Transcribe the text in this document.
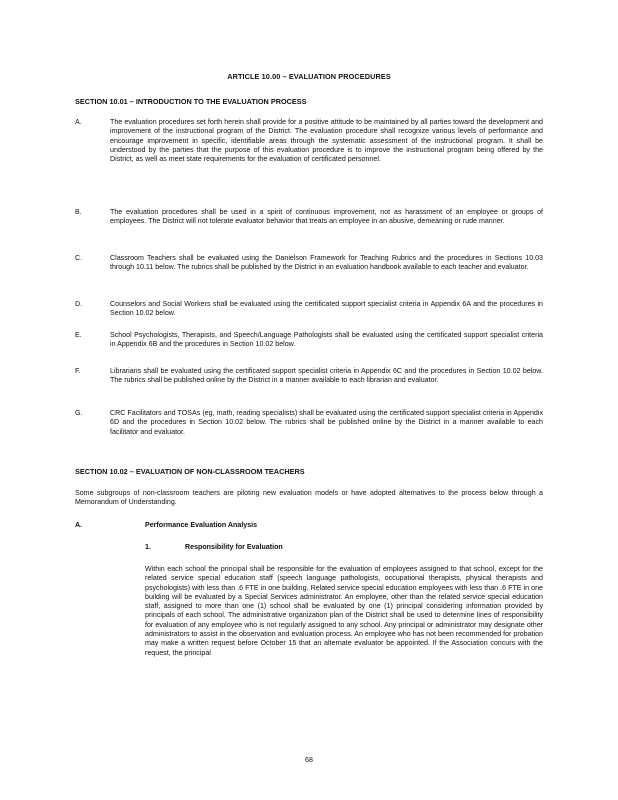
ARTICLE 10.00 – EVALUATION PROCEDURES
SECTION 10.01 – INTRODUCTION TO THE EVALUATION PROCESS
A.	The evaluation procedures set forth herein shall provide for a positive attitude to be maintained by all parties toward the development and improvement of the instructional program of the District. The evaluation procedure shall recognize various levels of performance and encourage improvement in specific, identifiable areas through the systematic assessment of the instructional program. It shall be understood by the parties that the purpose of this evaluation procedure is to improve the instructional program being offered by the District, as well as meet state requirements for the evaluation of certificated personnel.
B.	The evaluation procedures shall be used in a spirit of continuous improvement, not as harassment of an employee or groups of employees. The District will not tolerate evaluator behavior that treats an employee in an abusive, demeaning or rude manner.
C.	Classroom Teachers shall be evaluated using the Danielson Framework for Teaching Rubrics and the procedures in Sections 10.03 through 10.11 below. The rubrics shall be published by the District in an evaluation handbook available to each teacher and evaluator.
D.	Counselors and Social Workers shall be evaluated using the certificated support specialist criteria in Appendix 6A and the procedures in Section 10.02 below.
E.	School Psychologists, Therapists, and Speech/Language Pathologists shall be evaluated using the certificated support specialist criteria in Appendix 6B and the procedures in Section 10.02 below.
F.	Librarians shall be evaluated using the certificated support specialist criteria in Appendix 6C and the procedures in Section 10.02 below. The rubrics shall be published online by the District in a manner available to each librarian and evaluator.
G.	CRC Facilitators and TOSAs (eg, math, reading specialists) shall be evaluated using the certificated support specialist criteria in Appendix 6D and the procedures in Section 10.02 below. The rubrics shall be published online by the District in a manner available to each facilitator and evaluator.
SECTION 10.02 – EVALUATION OF NON-CLASSROOM TEACHERS
Some subgroups of non-classroom teachers are piloting new evaluation models or have adopted alternatives to the process below through a Memorandum of Understanding.
A.	Performance Evaluation Analysis
1.	Responsibility for Evaluation
Within each school the principal shall be responsible for the evaluation of employees assigned to that school, except for the related service special education staff (speech language pathologists, occupational therapists, physical therapists and psychologists) with less than .6 FTE in one building. Related service special education employees with less than .6 FTE in one building will be evaluated by a Special Services administrator. An employee, other than the related service special education staff, assigned to more than one (1) school shall be evaluated by one (1) principal considering information provided by principals of each school. The administrative organization plan of the District shall be used to determine lines of responsibility for evaluation of any employee who is not regularly assigned to any school. Any principal or administrator may designate other administrators to assist in the observation and evaluation process. An employee who has not been recommended for probation may make a written request before October 15 that an alternate evaluator be appointed. If the Association concurs with the request, the principal
68
